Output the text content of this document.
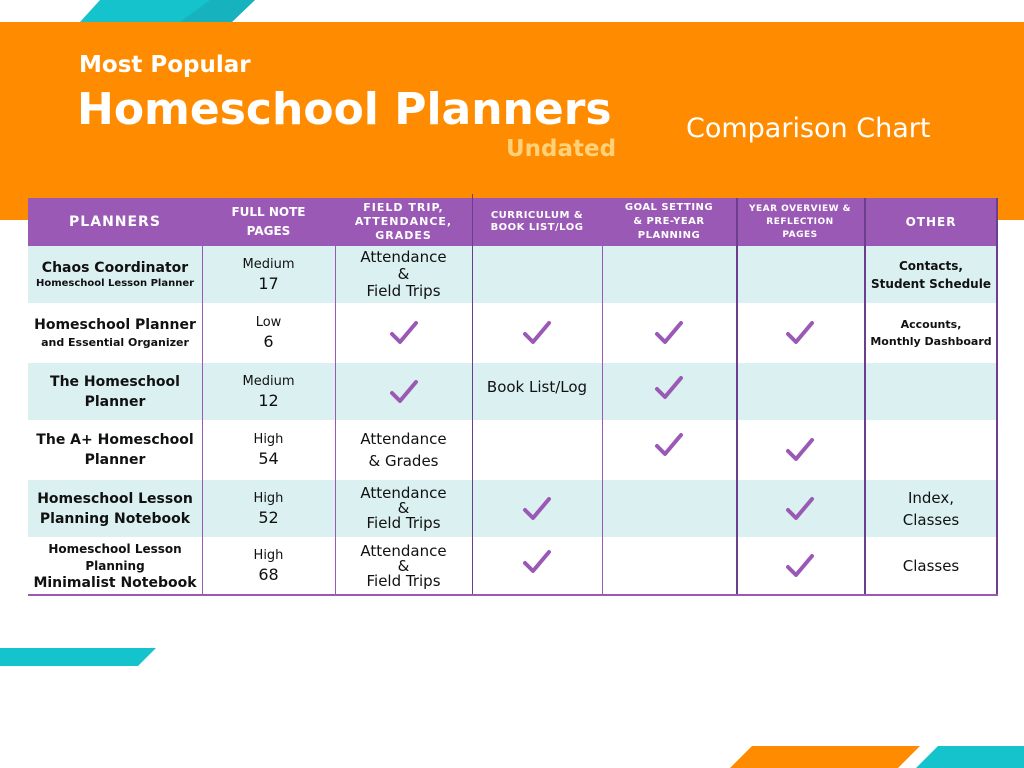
Most Popular
Homeschool Planners
Undated
Comparison Chart
PLANNERS
FULL NOTE PAGES
FIELD TRIP, ATTENDANCE, GRADES
CURRICULUM & BOOK LIST/LOG
GOAL SETTING & PRE-YEAR PLANNING
YEAR OVERVIEW & REFLECTION PAGES
OTHER
Chaos Coordinator
Homeschool Lesson Planner
Medium
17
Attendance
&
Field Trips
Contacts,
Student Schedule
Homeschool Planner
and Essential Organizer
Low
6
Accounts,
Monthly Dashboard
The Homeschool
Planner
Medium
12
Book List/Log
The A+ Homeschool
Planner
High
54
Attendance
& Grades
Homeschool Lesson
Planning Notebook
High
52
Attendance
&
Field Trips
Index,
Classes
Homeschool Lesson
Planning
Minimalist Notebook
High
68
Attendance
&
Field Trips
Classes
